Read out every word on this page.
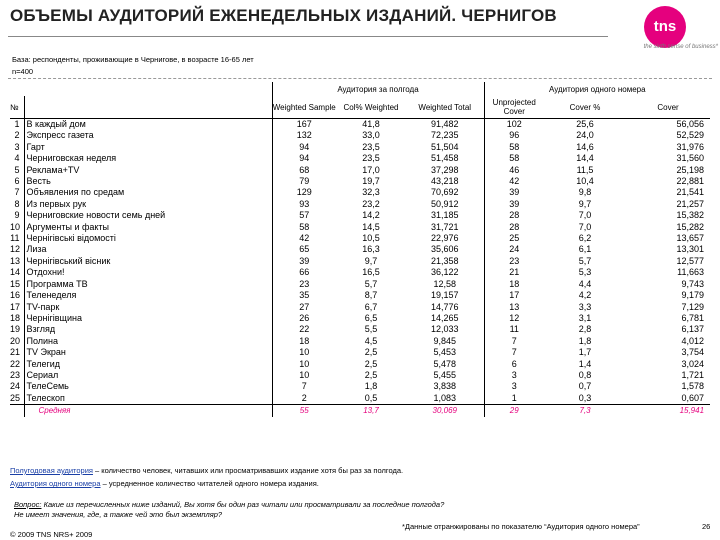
ОБЪЕМЫ АУДИТОРИЙ ЕЖЕНЕДЕЛЬНЫХ ИЗДАНИЙ. ЧЕРНИГОВ
tns
the sixth sense of business*
База: респонденты, проживающие в Чернигове, в возрасте 16-65 лет
n=400
		Аудитория за полгода			Аудитория одного номера		
№		Weighted Sample	Col% Weighted	Weighted Total	Unprojected Cover	Cover %	Cover
1	В каждый дом	167	41,8	91,482	102	25,6	56,056
2	Экспресс газета	132	33,0	72,235	96	24,0	52,529
3	Гарт	94	23,5	51,504	58	14,6	31,976
4	Черниговская неделя	94	23,5	51,458	58	14,4	31,560
5	Реклама+TV	68	17,0	37,298	46	11,5	25,198
6	Весть	79	19,7	43,218	42	10,4	22,881
7	Объявления по средам	129	32,3	70,692	39	9,8	21,541
8	Из первых рук	93	23,2	50,912	39	9,7	21,257
9	Черниговские новости семь дней	57	14,2	31,185	28	7,0	15,382
10	Аргументы и факты	58	14,5	31,721	28	7,0	15,282
11	Чернігівські відомості	42	10,5	22,976	25	6,2	13,657
12	Лиза	65	16,3	35,606	24	6,1	13,301
13	Чернігівський вісник	39	9,7	21,358	23	5,7	12,577
14	Отдохни!	66	16,5	36,122	21	5,3	11,663
15	Программа ТВ	23	5,7	12,58	18	4,4	9,743
16	Теленеделя	35	8,7	19,157	17	4,2	9,179
17	TV-парк	27	6,7	14,776	13	3,3	7,129
18	Чернігівщина	26	6,5	14,265	12	3,1	6,781
19	Взгляд	22	5,5	12,033	11	2,8	6,137
20	Полина	18	4,5	9,845	7	1,8	4,012
21	TV Экран	10	2,5	5,453	7	1,7	3,754
22	Телегид	10	2,5	5,478	6	1,4	3,024
23	Сериал	10	2,5	5,455	3	0,8	1,721
24	ТелеСемь	7	1,8	3,838	3	0,7	1,578
25	Телескоп	2	0,5	1,083	1	0,3	0,607
	Средняя	55	13,7	30,069	29	7,3	15,941
Полугодовая аудитория – количество человек, читавших или просматривавших издание хотя бы раз за полгода.
Аудитория одного номера – усредненное количество читателей одного номера издания.
Вопрос: Какие из перечисленных ниже изданий, Вы хотя бы один раз читали или просматривали за последние полгода?
Не имеет значения, где, а также чей это был экземпляр?
*Данные отранжированы по показателю “Аудитория одного номера”	26
© 2009 TNS NRS+ 2009
